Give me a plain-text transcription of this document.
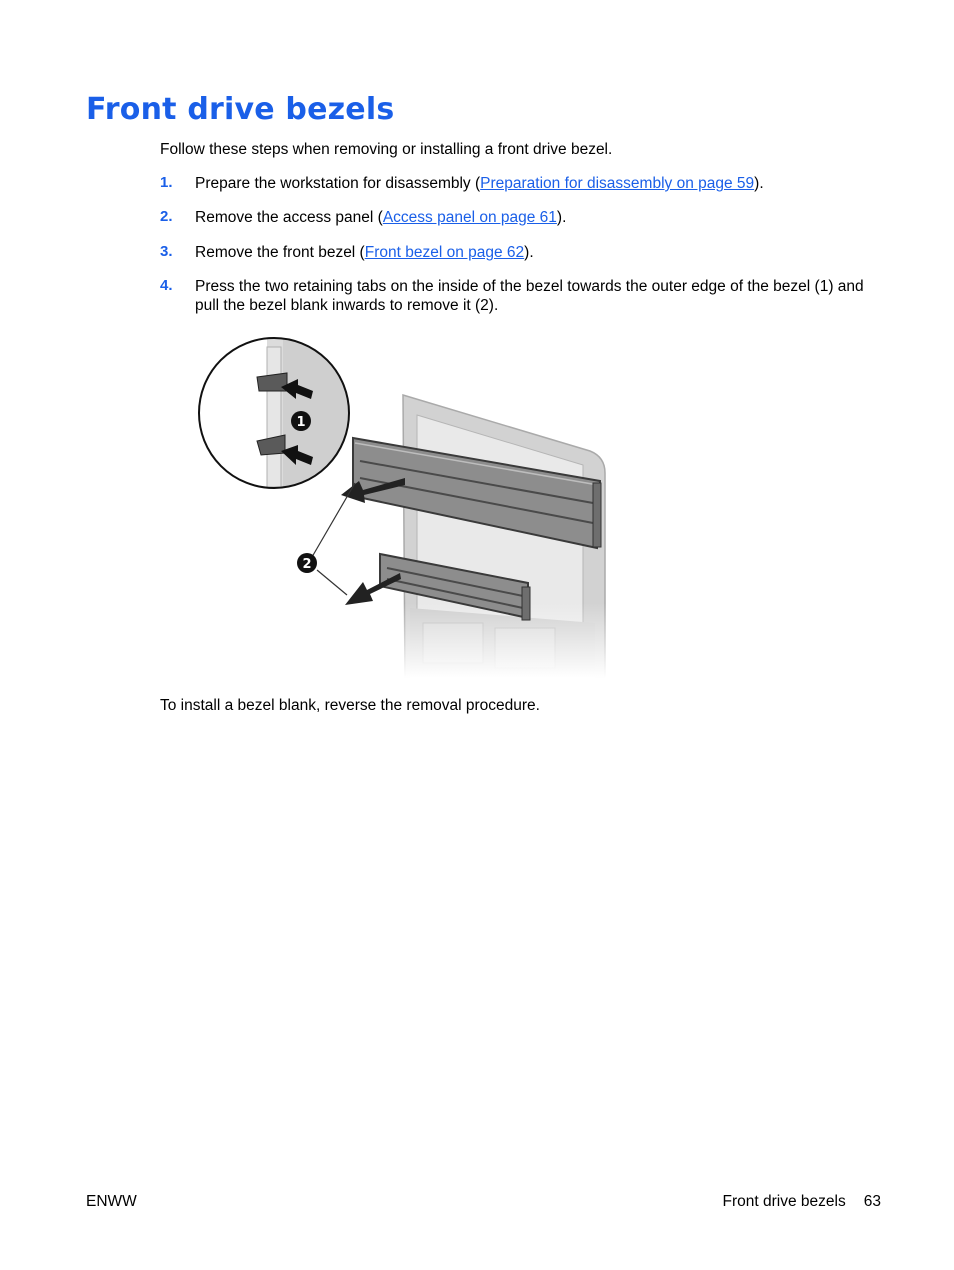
Front drive bezels
Follow these steps when removing or installing a front drive bezel.
1. Prepare the workstation for disassembly (Preparation for disassembly on page 59).
2. Remove the access panel (Access panel on page 61).
3. Remove the front bezel (Front bezel on page 62).
4. Press the two retaining tabs on the inside of the bezel towards the outer edge of the bezel (1) and pull the bezel blank inwards to remove it (2).
1
2
To install a bezel blank, reverse the removal procedure.
ENWW	Front drive bezels 63
